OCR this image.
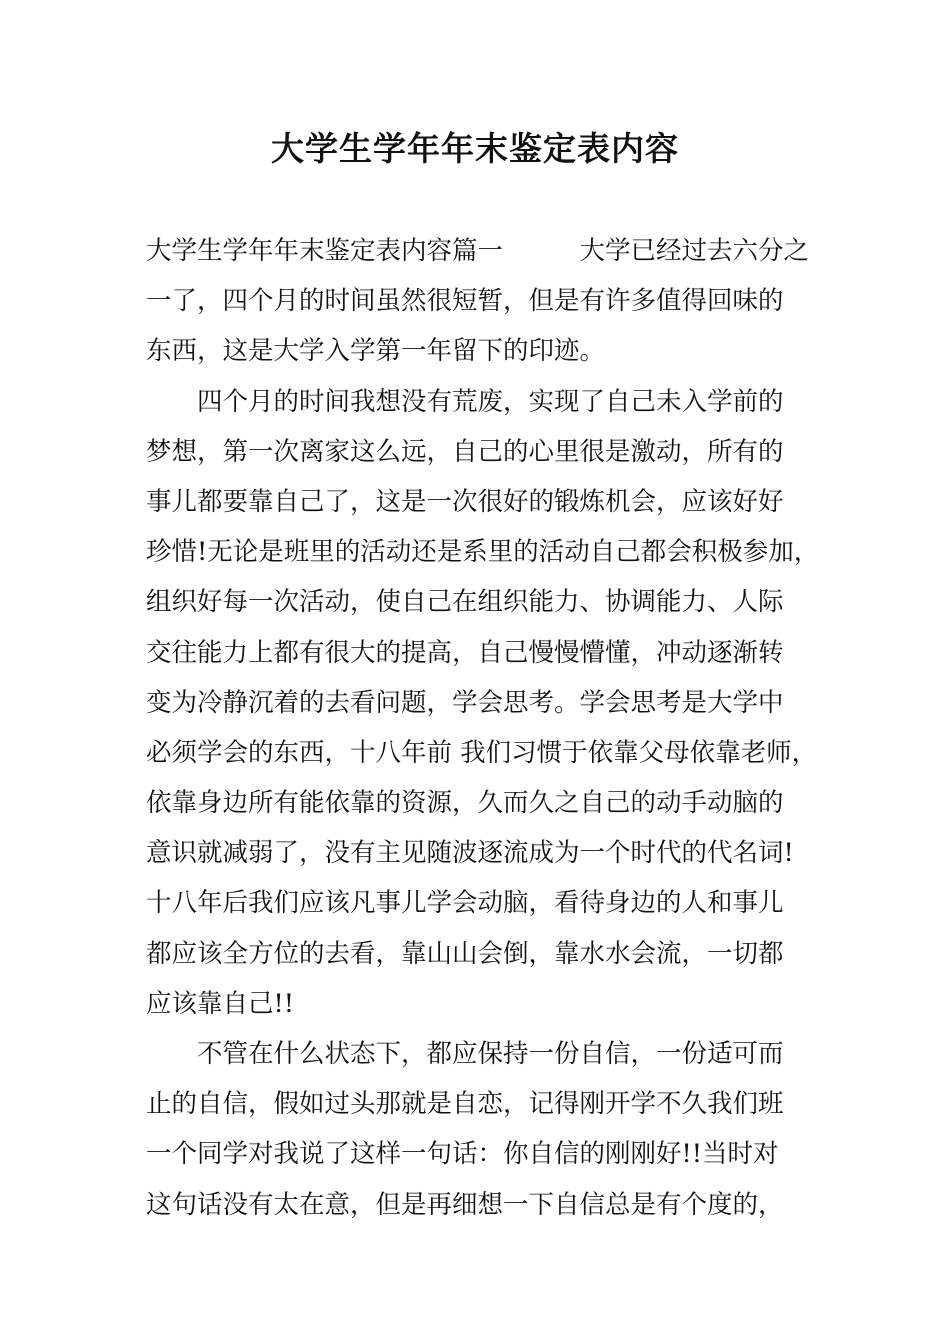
大学生学年年末鉴定表内容
大学生学年年末鉴定表内容篇一　　　大学已经过去六分之
一了，四个月的时间虽然很短暂，但是有许多值得回味的
东西，这是大学入学第一年留下的印迹。
　　四个月的时间我想没有荒废，实现了自己未入学前的
梦想，第一次离家这么远，自己的心里很是激动，所有的
事儿都要靠自己了，这是一次很好的锻炼机会，应该好好
珍惜!无论是班里的活动还是系里的活动自己都会积极参加，
组织好每一次活动，使自己在组织能力、协调能力、人际
交往能力上都有很大的提高，自己慢慢懵懂，冲动逐渐转
变为冷静沉着的去看问题，学会思考。学会思考是大学中
必须学会的东西，十八年前 我们习惯于依靠父母依靠老师，
依靠身边所有能依靠的资源，久而久之自己的动手动脑的
意识就减弱了，没有主见随波逐流成为一个时代的代名词!
十八年后我们应该凡事儿学会动脑，看待身边的人和事儿
都应该全方位的去看，靠山山会倒，靠水水会流，一切都
应该靠自己!!
　　不管在什么状态下，都应保持一份自信，一份适可而
止的自信，假如过头那就是自恋，记得刚开学不久我们班
一个同学对我说了这样一句话：你自信的刚刚好!!当时对
这句话没有太在意，但是再细想一下自信总是有个度的，
